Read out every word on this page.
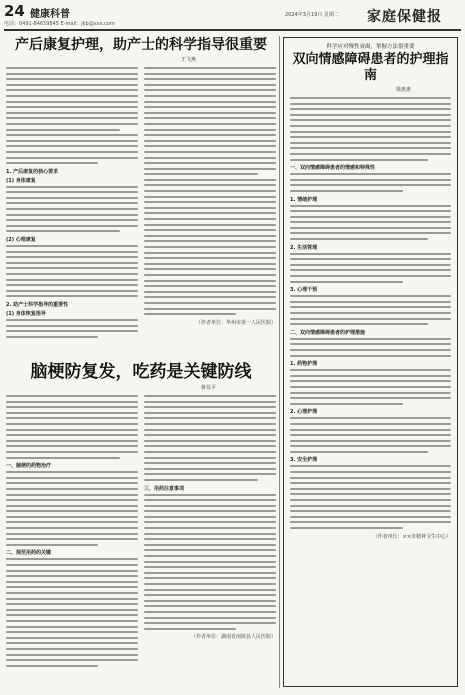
24 健康科普
电话：0491-84659845 E-mail：jkb@xxx.com
2024年3月19日 星期二 家庭保健报
产后康复护理，助产士的科学指导很重要
王飞燕
1. 产后康复的核心要求
(1) 身体康复
(2) 心理康复
2. 助产士科学指导的重要性
(1) 身体恢复指导
（作者单位：华州市第一人民医院）
脑梗防复发，吃药是关键防线
蒋显平
一、脑梗的药物治疗
二、规范用药的关键
三、用药注意事项
（作者单位：湖南省南陵县人民医院）
科学应对慢性衰竭，掌握方法很重要
双向情感障碍患者的护理指南
梁惠惠
一、双向情感障碍患者的情感和特殊性
1. 情绪护理
2. 生活管理
3. 心理干预
二、双向情感障碍患者的护理措施
1. 药物护理
2. 心理护理
3. 安全护理
（作者单位：××市精神卫生中心）
